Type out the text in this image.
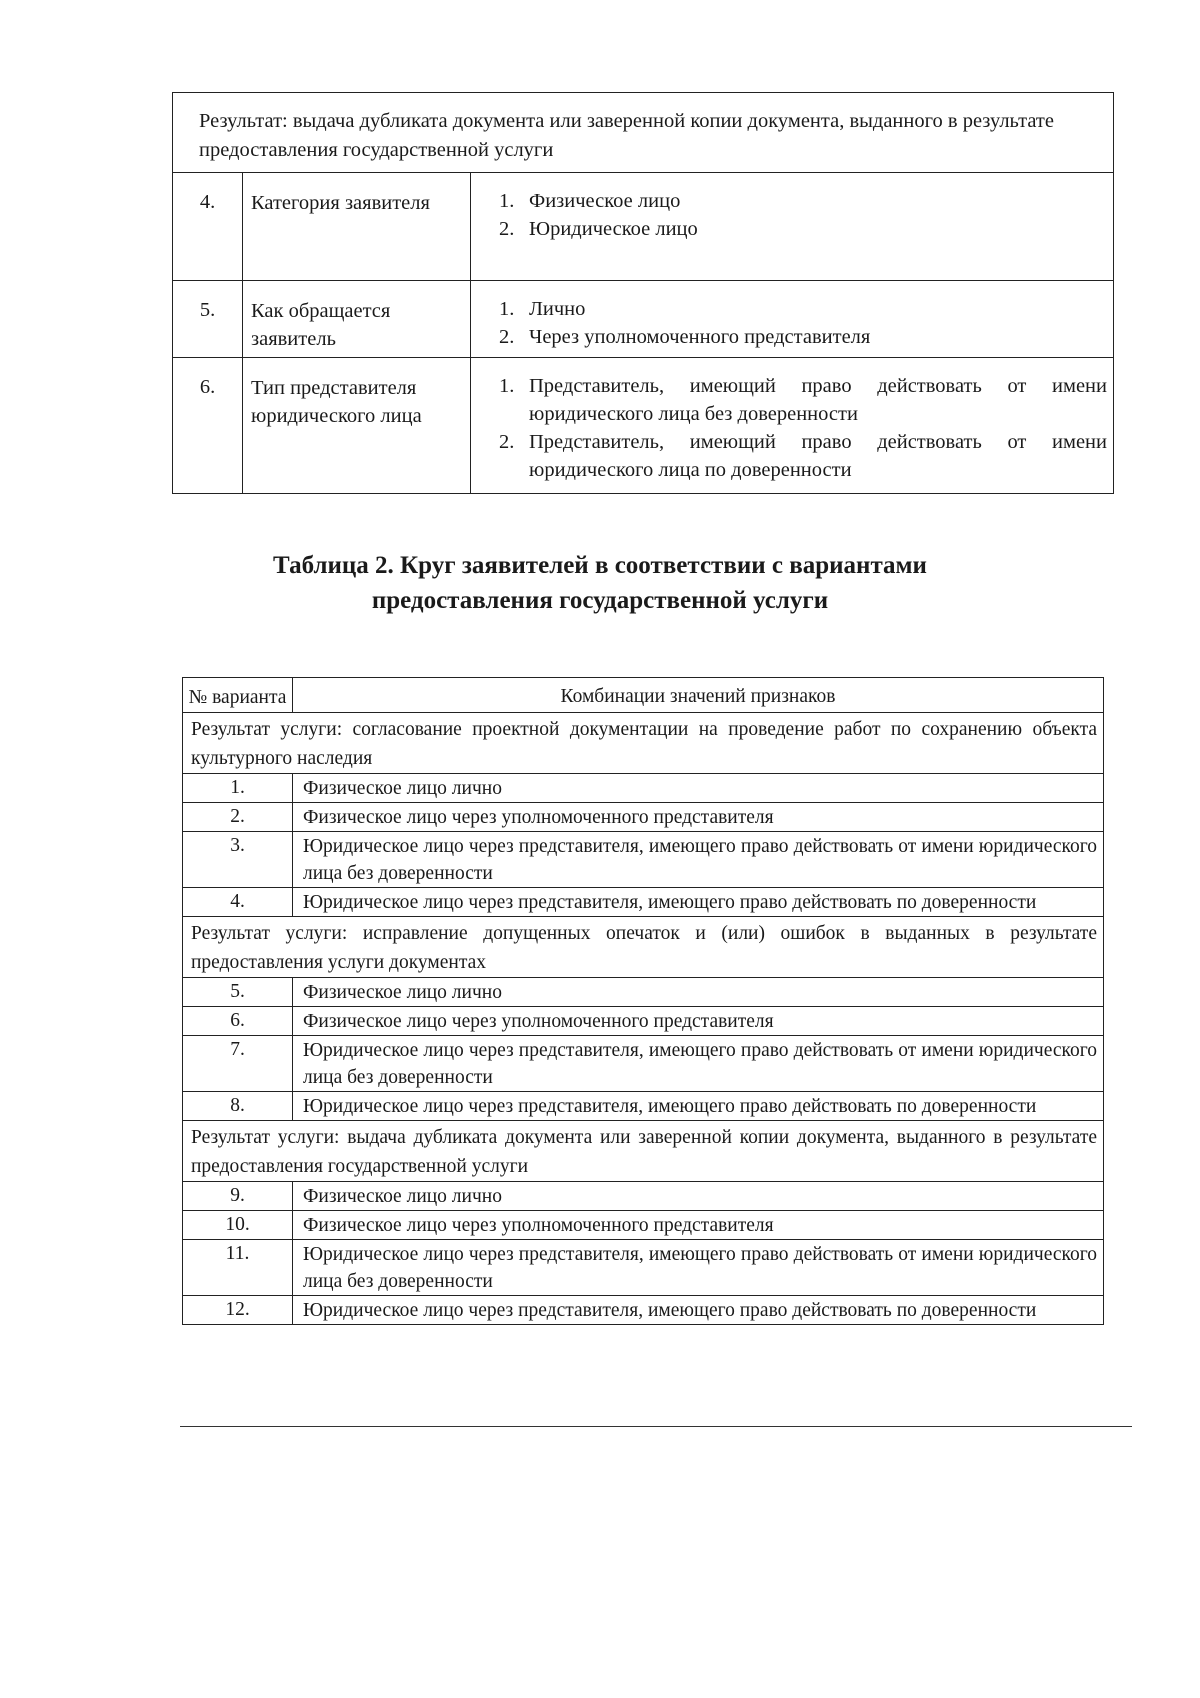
Результат: выдача дубликата документа или заверенной копии документа, выданного в результате предоставления государственной услуги
4.	Категория заявителя	1. Физическое лицо
2. Юридическое лицо
5.	Как обращается заявитель
1. Лично
2. Через уполномоченного представителя
6.	Тип представителя юридического лица
1. Представитель, имеющий право действовать от имени юридического лица без доверенности
2. Представитель, имеющий право действовать от имени юридического лица по доверенности
Таблица 2. Круг заявителей в соответствии с вариантами предоставления государственной услуги
№ варианта	Комбинации значений признаков
Результат услуги: согласование проектной документации на проведение работ по сохранению объекта культурного наследия
1.	Физическое лицо лично
2.	Физическое лицо через уполномоченного представителя
3.	Юридическое лицо через представителя, имеющего право действовать от имени юридического лица без доверенности
4.	Юридическое лицо через представителя, имеющего право действовать по доверенности
Результат услуги: исправление допущенных опечаток и (или) ошибок в выданных в результате предоставления услуги документах
5.	Физическое лицо лично
6.	Физическое лицо через уполномоченного представителя
7.	Юридическое лицо через представителя, имеющего право действовать от имени юридического лица без доверенности
8.	Юридическое лицо через представителя, имеющего право действовать по доверенности
Результат услуги: выдача дубликата документа или заверенной копии документа, выданного в результате предоставления государственной услуги
9.	Физическое лицо лично
10.	Физическое лицо через уполномоченного представителя
11.	Юридическое лицо через представителя, имеющего право действовать от имени юридического лица без доверенности
12.	Юридическое лицо через представителя, имеющего право действовать по доверенности
